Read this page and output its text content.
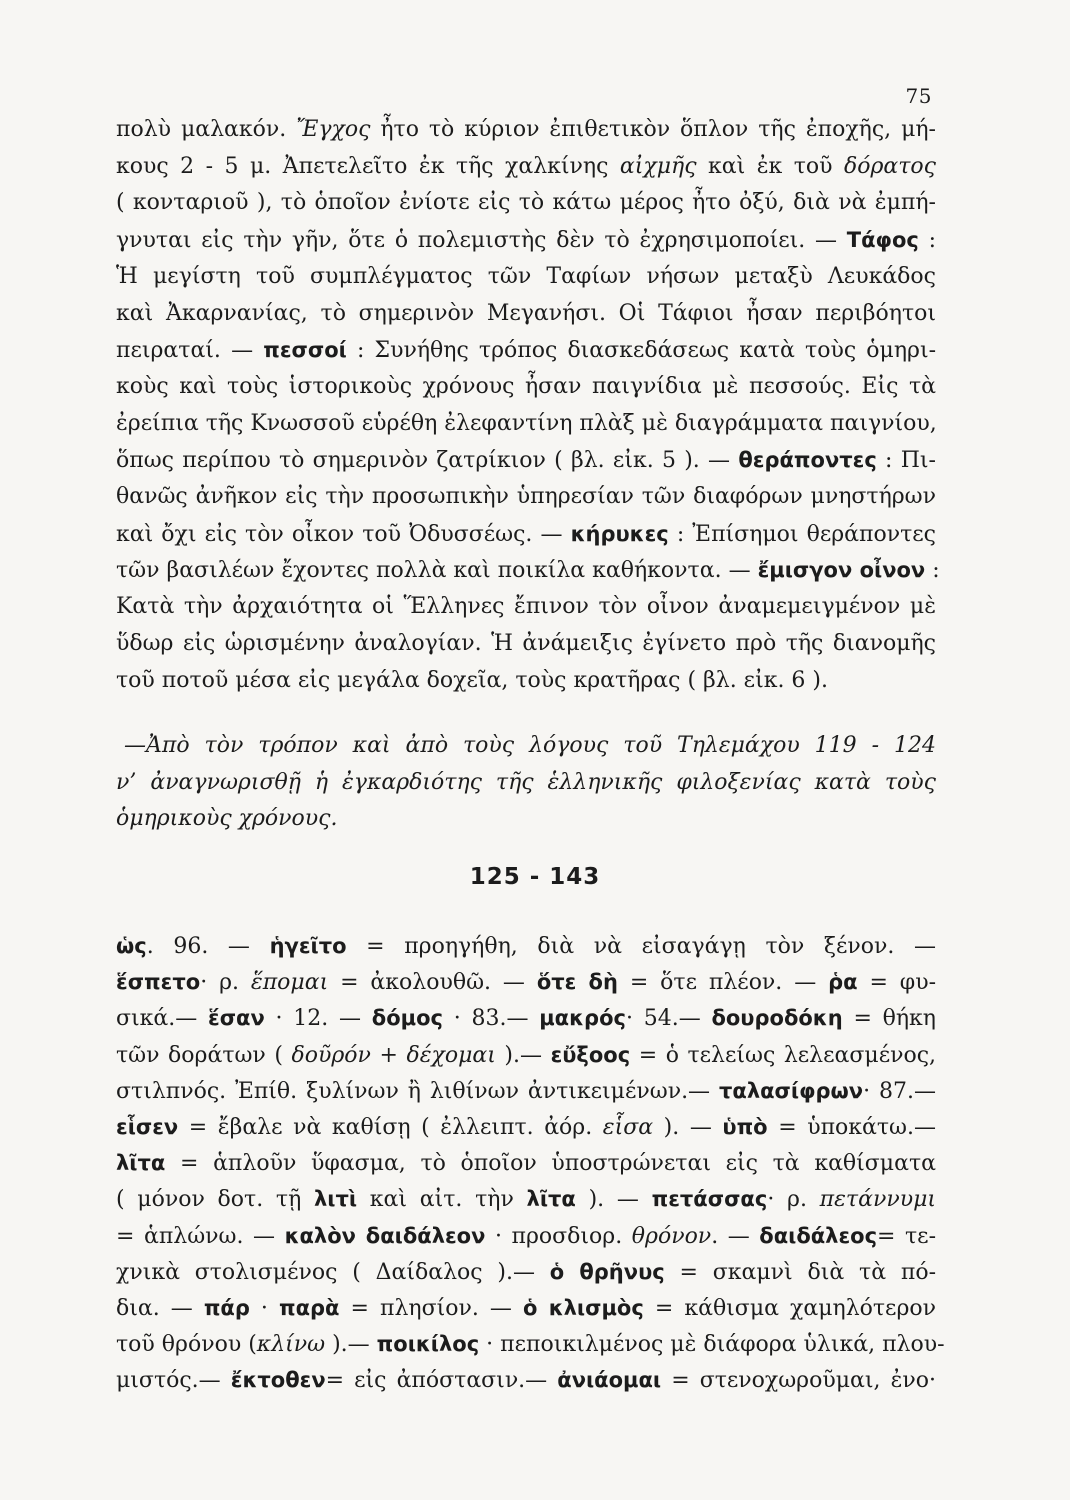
75
πολὺ μαλακόν. Ἔγχος ἦτο τὸ κύριον ἐπιθετικὸν ὅπλον τῆς ἐποχῆς, μή-
κους 2 - 5 μ. Ἀπετελεῖτο ἐκ τῆς χαλκίνης αἰχμῆς καὶ ἐκ τοῦ δόρατος
( κονταριοῦ ), τὸ ὁποῖον ἐνίοτε εἰς τὸ κάτω μέρος ἦτο ὀξύ, διὰ νὰ ἐμπή-
γνυται εἰς τὴν γῆν, ὅτε ὁ πολεμιστὴς δὲν τὸ ἐχρησιμοποίει. — Τάφος :
Ἡ μεγίστη τοῦ συμπλέγματος τῶν Ταφίων νήσων μεταξὺ Λευκάδος
καὶ Ἀκαρνανίας, τὸ σημερινὸν Μεγανήσι. Οἱ Τάφιοι ἦσαν περιβόητοι
πειραταί. — πεσσοί : Συνήθης τρόπος διασκεδάσεως κατὰ τοὺς ὁμηρι-
κοὺς καὶ τοὺς ἱστορικοὺς χρόνους ἦσαν παιγνίδια μὲ πεσσούς. Εἰς τὰ
ἐρείπια τῆς Κνωσσοῦ εὑρέθη ἐλεφαντίνη πλὰξ μὲ διαγράμματα παιγνίου,
ὅπως περίπου τὸ σημερινὸν ζατρίκιον ( βλ. εἰκ. 5 ). — θεράποντες : Πι-
θανῶς ἀνῆκον εἰς τὴν προσωπικὴν ὑπηρεσίαν τῶν διαφόρων μνηστήρων
καὶ ὄχι εἰς τὸν οἶκον τοῦ Ὀδυσσέως. — κήρυκες : Ἐπίσημοι θεράποντες
τῶν βασιλέων ἔχοντες πολλὰ καὶ ποικίλα καθήκοντα. — ἔμισγον οἶνον :
Κατὰ τὴν ἀρχαιότητα οἱ Ἕλληνες ἔπινον τὸν οἶνον ἀναμεμειγμένον μὲ
ὕδωρ εἰς ὡρισμένην ἀναλογίαν. Ἡ ἀνάμειξις ἐγίνετο πρὸ τῆς διανομῆς
τοῦ ποτοῦ μέσα εἰς μεγάλα δοχεῖα, τοὺς κρατῆρας ( βλ. εἰκ. 6 ).
—Ἀπὸ τὸν τρόπον καὶ ἀπὸ τοὺς λόγους τοῦ Τηλεμάχου 119 - 124
ν’ ἀναγνωρισθῇ ἡ ἐγκαρδιότης τῆς ἑλληνικῆς φιλοξενίας κατὰ τοὺς
ὁμηρικοὺς χρόνους.
125 - 143
ὡς. 96. — ἡγεῖτο = προηγήθη, διὰ νὰ εἰσαγάγῃ τὸν ξένον. —
ἕσπετο· ρ. ἕπομαι = ἀκολουθῶ. — ὅτε δὴ = ὅτε πλέον. — ῥα = φυ-
σικά.— ἕσαν · 12. — δόμος · 83.— μακρός· 54.— δουροδόκη = θήκη
τῶν δοράτων ( δοῦρόν + δέχομαι ).— εὔξοος = ὁ τελείως λελεασμένος,
στιλπνός. Ἐπίθ. ξυλίνων ἢ λιθίνων ἀντικειμένων.— ταλασίφρων· 87.—
εἷσεν = ἔβαλε νὰ καθίσῃ ( ἐλλειπτ. ἀόρ. εἷσα ). — ὑπὸ = ὑποκάτω.—
λῖτα = ἁπλοῦν ὕφασμα, τὸ ὁποῖον ὑποστρώνεται εἰς τὰ καθίσματα
( μόνον δοτ. τῇ λιτὶ καὶ αἰτ. τὴν λῖτα ). — πετάσσας· ρ. πετάννυμι
= ἁπλώνω. — καλὸν δαιδάλεον · προσδιορ. θρόνον. — δαιδάλεος= τε-
χνικὰ στολισμένος ( Δαίδαλος ).— ὁ θρῆνυς = σκαμνὶ διὰ τὰ πό-
δια. — πάρ · παρὰ = πλησίον. — ὁ κλισμὸς = κάθισμα χαμηλότερον
τοῦ θρόνου (κλίνω ).— ποικίλος · πεποικιλμένος μὲ διάφορα ὑλικά, πλου-
μιστός.— ἔκτοθεν= εἰς ἀπόστασιν.— ἀνιάομαι = στενοχωροῦμαι, ἐνο·
